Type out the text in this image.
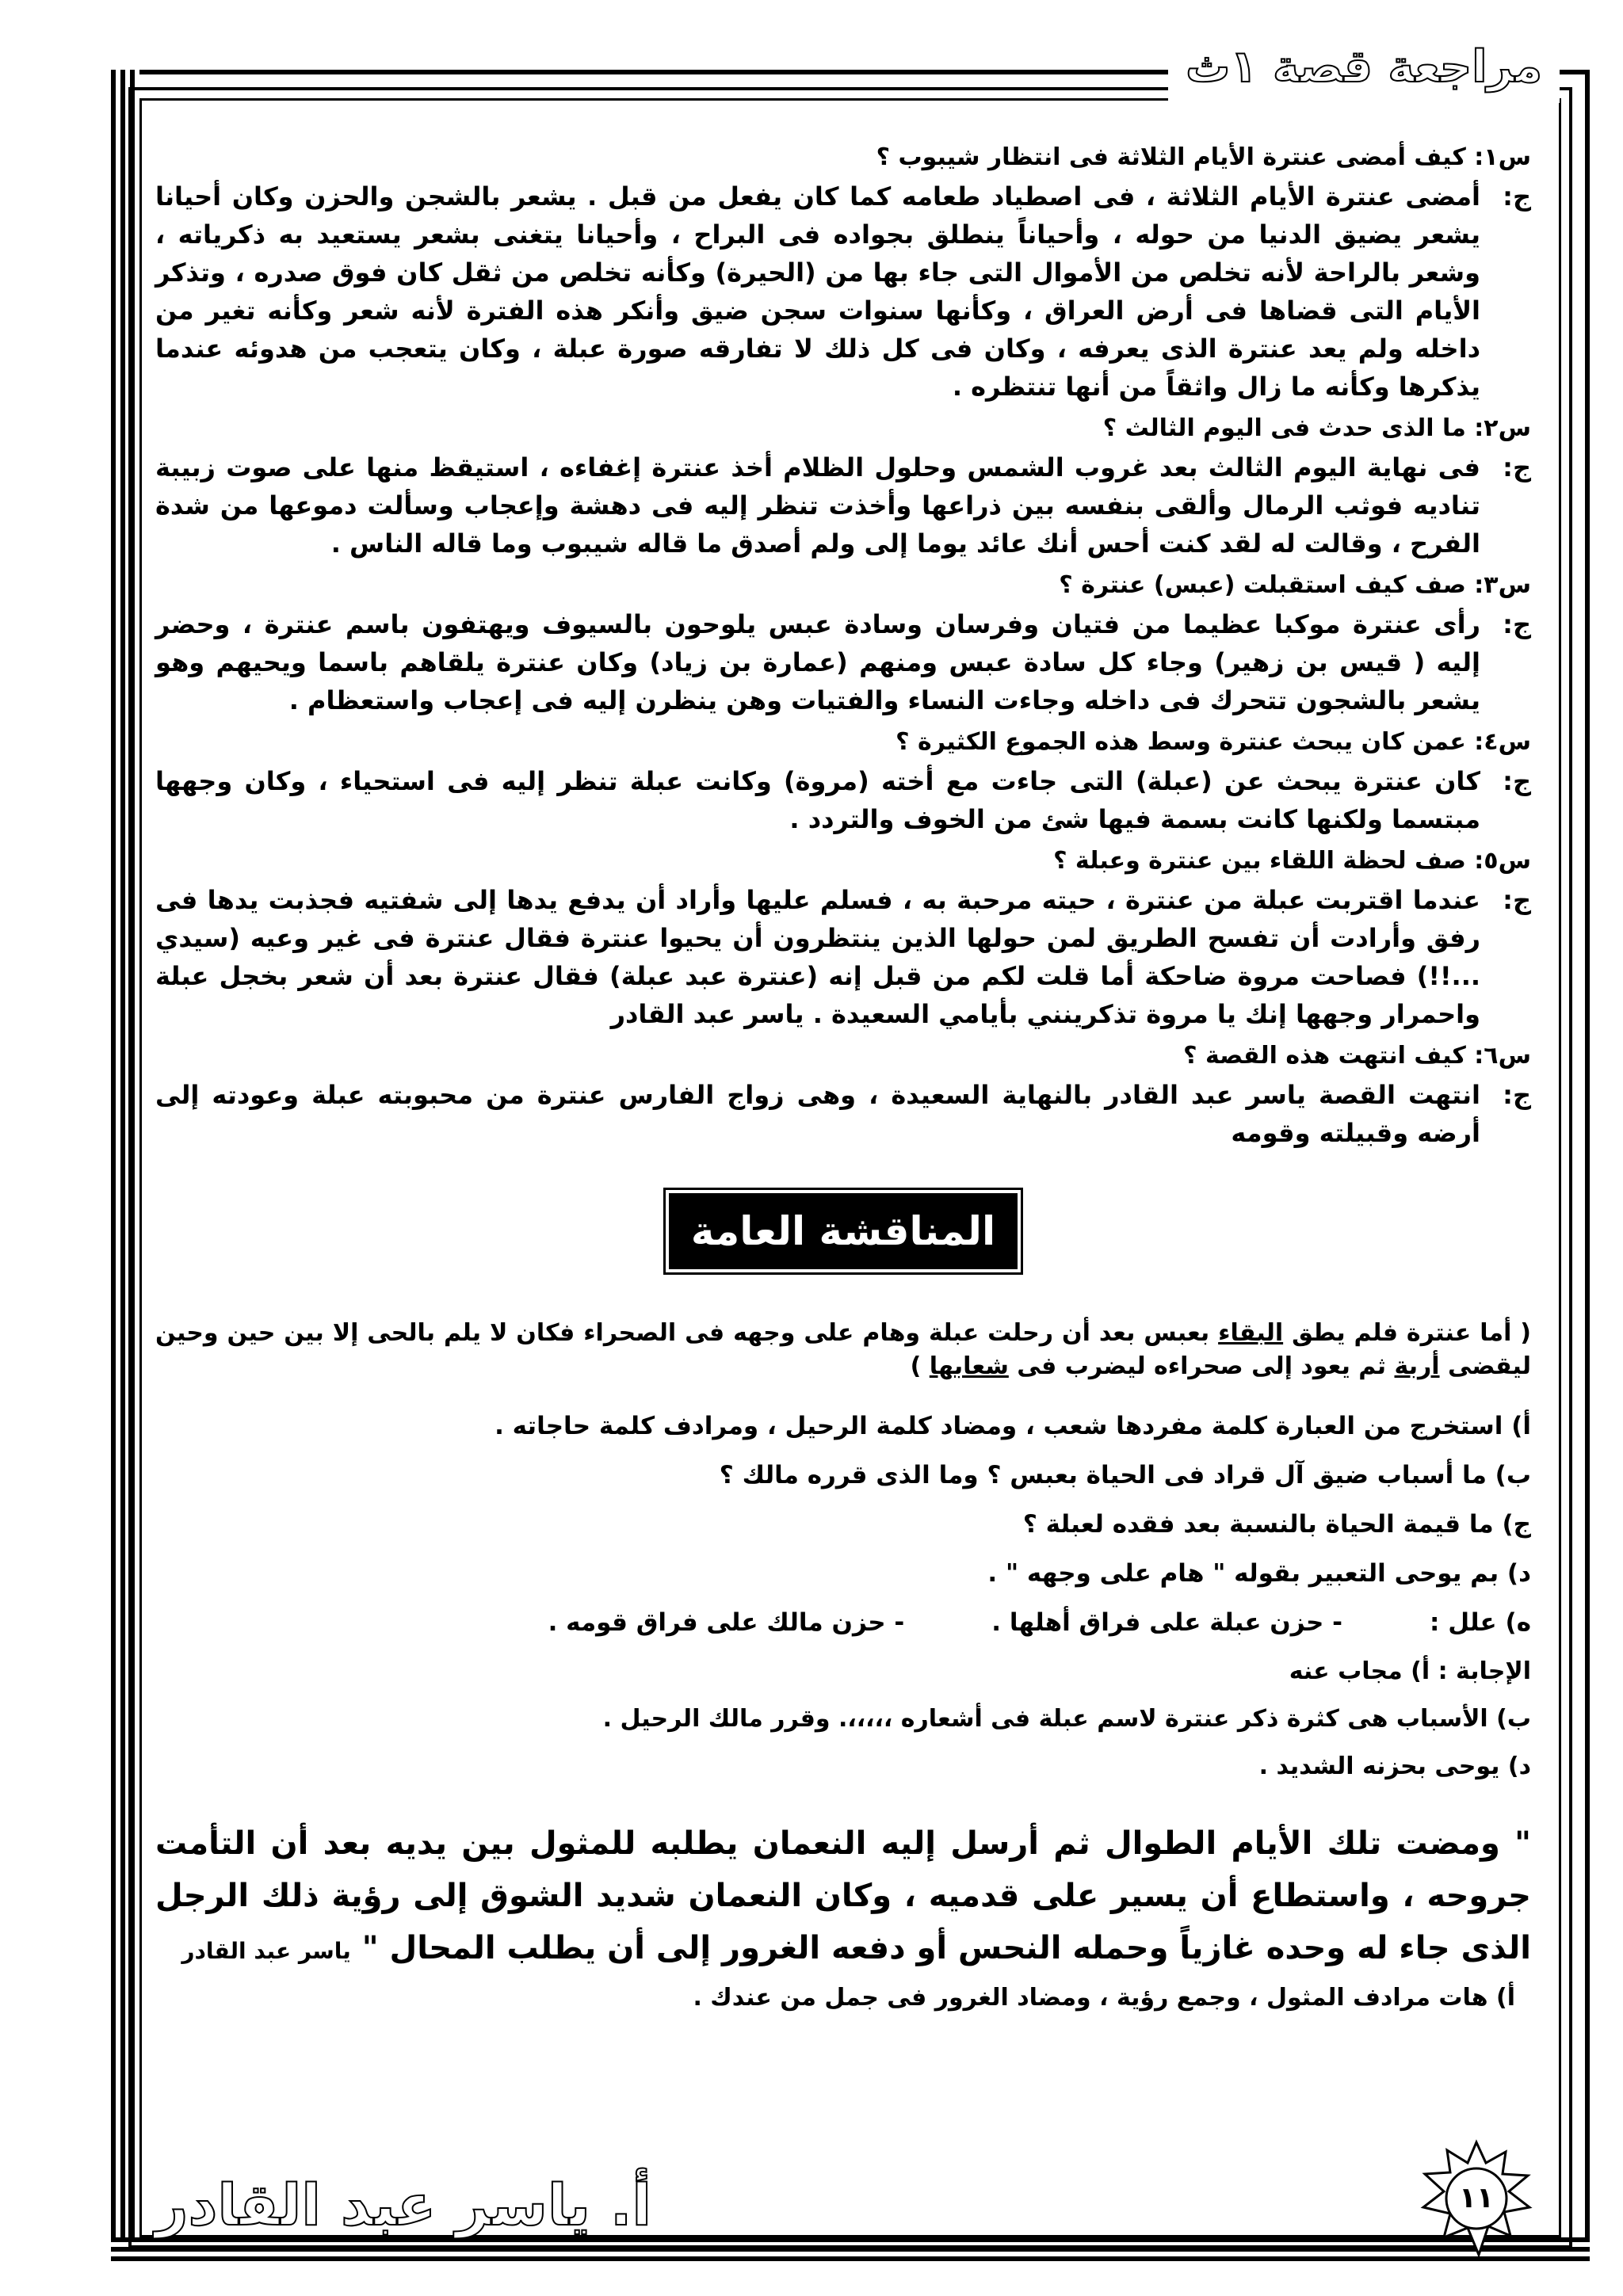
مراجعة قصة ١ث

س١: كيف أمضى عنترة الأيام الثلاثة فى انتظار شيبوب ؟

ج:
أمضى عنترة الأيام الثلاثة ، فى اصطياد طعامه كما كان يفعل من قبل . يشعر بالشجن والحزن وكان أحيانا يشعر يضيق الدنيا من حوله ، وأحياناً ينطلق بجواده فى البراح ، وأحيانا يتغنى بشعر يستعيد به ذكرياته ، وشعر بالراحة لأنه تخلص من الأموال التى جاء بها من (الحيرة) وكأنه تخلص من ثقل كان فوق صدره ، وتذكر الأيام التى قضاها فى أرض العراق ، وكأنها سنوات سجن ضيق وأنكر هذه الفترة لأنه شعر وكأنه تغير من داخله ولم يعد عنترة الذى يعرفه ، وكان فى كل ذلك لا تفارقه صورة عبلة ، وكان يتعجب من هدوئه عندما يذكرها وكأنه ما زال واثقاً من أنها تنتظره .

س٢: ما الذى حدث فى اليوم الثالث ؟

ج:
فى نهاية اليوم الثالث بعد غروب الشمس وحلول الظلام أخذ عنترة إغفاءه ، استيقظ منها على صوت زبيبة تناديه فوثب الرمال وألقى بنفسه بين ذراعها وأخذت تنظر إليه فى دهشة وإعجاب وسألت دموعها من شدة الفرح ، وقالت له لقد كنت أحس أنك عائد يوما إلى ولم أصدق ما قاله شيبوب وما قاله الناس .

س٣: صف كيف استقبلت (عبس) عنترة ؟

ج:
رأى عنترة موكبا عظيما من فتيان وفرسان وسادة عبس يلوحون بالسيوف ويهتفون باسم عنترة ، وحضر إليه ( قيس بن زهير) وجاء كل سادة عبس ومنهم (عمارة بن زياد) وكان عنترة يلقاهم باسما ويحيهم وهو يشعر بالشجون تتحرك فى داخله وجاءت النساء والفتيات وهن ينظرن إليه فى إعجاب واستعظام .

س٤: عمن كان يبحث عنترة وسط هذه الجموع الكثيرة ؟

ج:
كان عنترة يبحث عن (عبلة) التى جاءت مع أخته (مروة) وكانت عبلة تنظر إليه فى استحياء ، وكان وجهها مبتسما ولكنها كانت بسمة فيها شئ من الخوف والتردد .

س٥: صف لحظة اللقاء بين عنترة وعبلة ؟

ج:
عندما اقتربت عبلة من عنترة ، حيته مرحبة به ، فسلم عليها وأراد أن يدفع يدها إلى شفتيه فجذبت يدها فى رفق وأرادت أن تفسح الطريق لمن حولها الذين ينتظرون أن يحيوا عنترة فقال عنترة فى غير وعيه (سيدي ...!!) فصاحت مروة ضاحكة أما قلت لكم من قبل إنه (عنترة عبد عبلة) فقال عنترة بعد أن شعر بخجل عبلة واحمرار وجهها إنك يا مروة تذكرينني بأيامي السعيدة . ياسر عبد القادر

س٦: كيف انتهت هذه القصة ؟

ج:
انتهت القصة ياسر عبد القادر بالنهاية السعيدة ، وهى زواج الفارس عنترة من محبوبته عبلة وعودته إلى أرضه وقبيلته وقومه

المناقشة العامة

( أما عنترة فلم يطق البقاء بعبس بعد أن رحلت عبلة وهام على وجهه فى الصحراء فكان لا يلم بالحى إلا بين حين وحين ليقضى أربة ثم يعود إلى صحراءه ليضرب فى شعابها )

أ) استخرج من العبارة كلمة مفردها شعب ، ومضاد كلمة الرحيل ، ومرادف كلمة حاجاته .

ب) ما أسباب ضيق آل قراد فى الحياة بعبس ؟ وما الذى قرره مالك ؟

ج) ما قيمة الحياة بالنسبة بعد فقده لعبلة ؟

د) بم يوحى التعبير بقوله " هام على وجهه " .

ه) علل :
- حزن عبلة على فراق أهلها .
- حزن مالك على فراق قومه .

الإجابة : أ) مجاب عنه

ب) الأسباب هى كثرة ذكر عنترة لاسم عبلة فى أشعاره ،،،،،. وقرر مالك الرحيل .

د) يوحى بحزنه الشديد .

" ومضت تلك الأيام الطوال ثم أرسل إليه النعمان يطلبه للمثول بين يديه بعد أن التأمت جروحه ، واستطاع أن يسير على قدميه ، وكان النعمان شديد الشوق إلى رؤية ذلك الرجل الذى جاء له وحده غازياً وحمله النحس أو دفعه الغرور إلى أن يطلب المحال " ياسر عبد القادر

أ) هات مرادف المثول ، وجمع رؤية ، ومضاد الغرور فى جمل من عندك .

أ. ياسر عبد القادر	١١
